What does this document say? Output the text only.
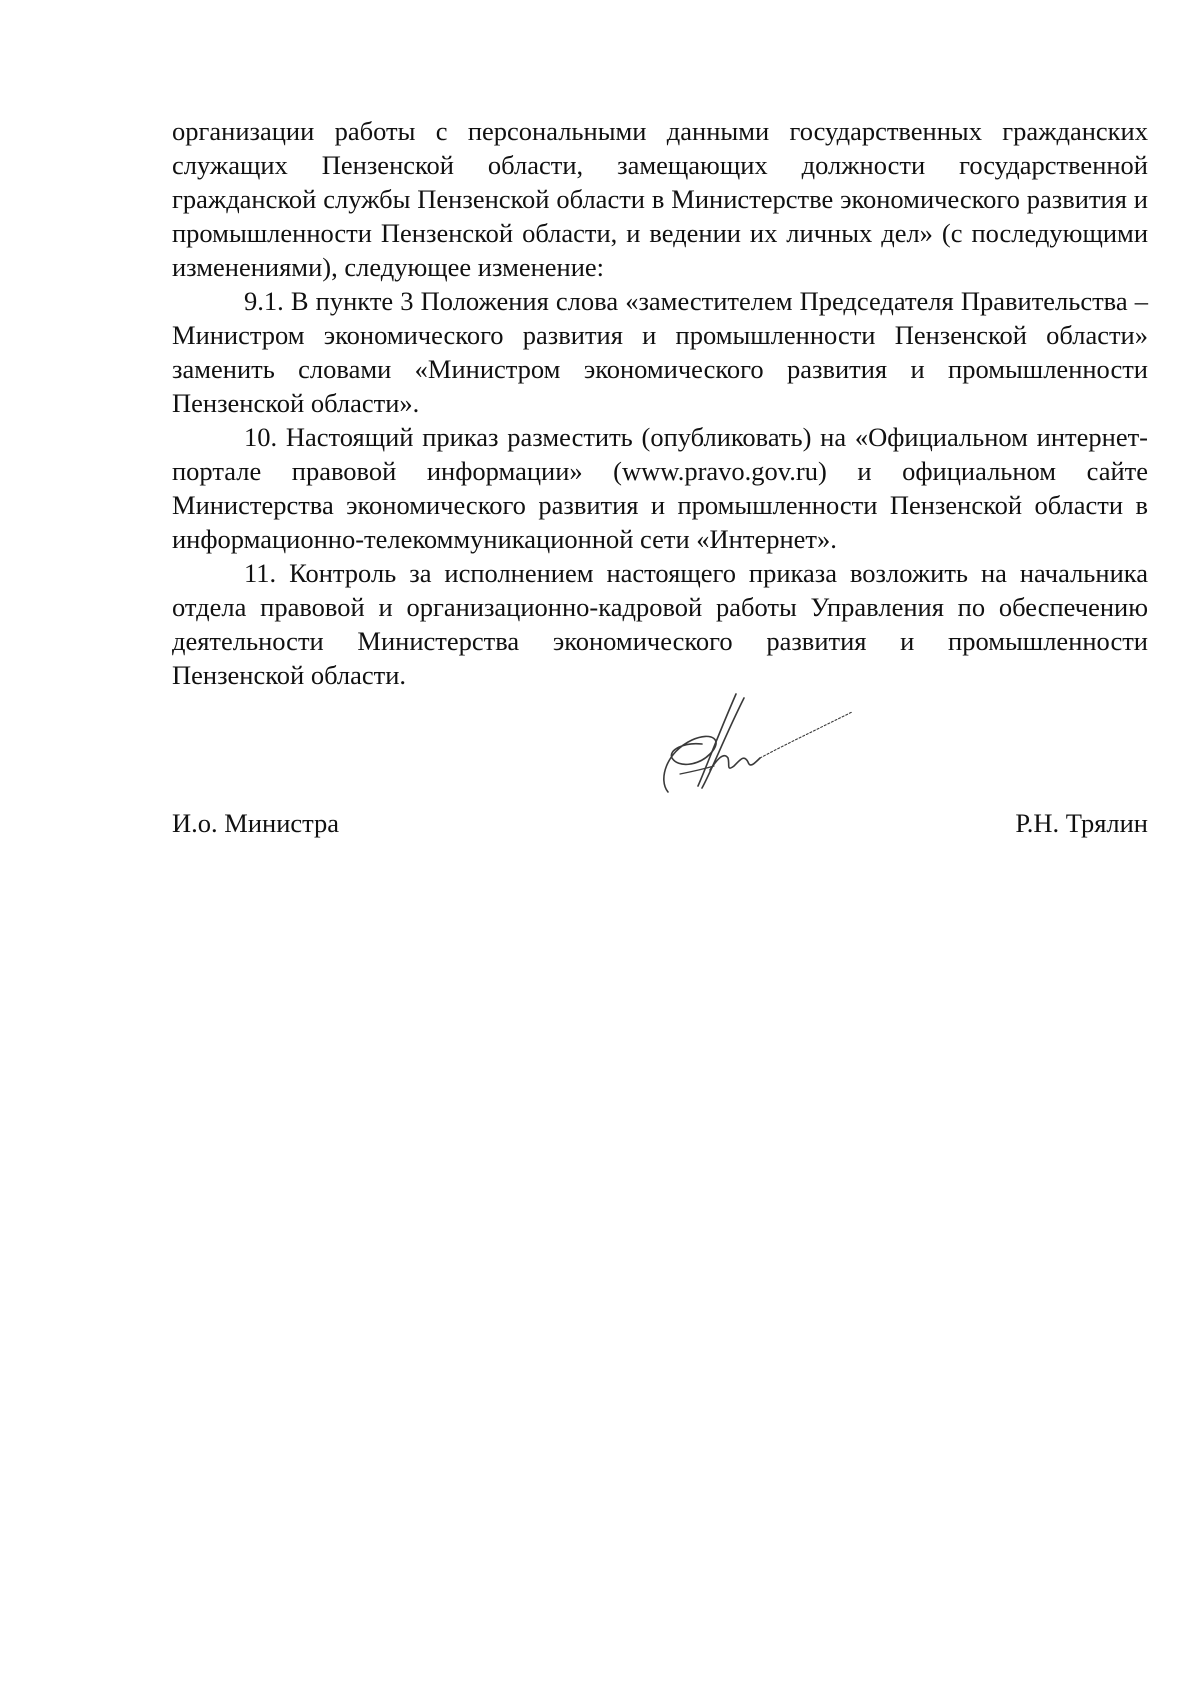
организации работы с персональными данными государственных гражданских служащих Пензенской области, замещающих должности государственной гражданской службы Пензенской области в Министерстве экономического развития и промышленности Пензенской области, и ведении их личных дел» (с последующими изменениями), следующее изменение:

9.1. В пункте 3 Положения слова «заместителем Председателя Правительства – Министром экономического развития и промышленности Пензенской области» заменить словами «Министром экономического развития и промышленности Пензенской области».

10. Настоящий приказ разместить (опубликовать) на «Официальном интернет-портале правовой информации» (www.pravo.gov.ru) и официальном сайте Министерства экономического развития и промышленности Пензенской области в информационно-телекоммуникационной сети «Интернет».

11. Контроль за исполнением настоящего приказа возложить на начальника отдела правовой и организационно-кадровой работы Управления по обеспечению деятельности Министерства экономического развития и промышленности Пензенской области.

И.о. Министра	Р.Н. Трялин
